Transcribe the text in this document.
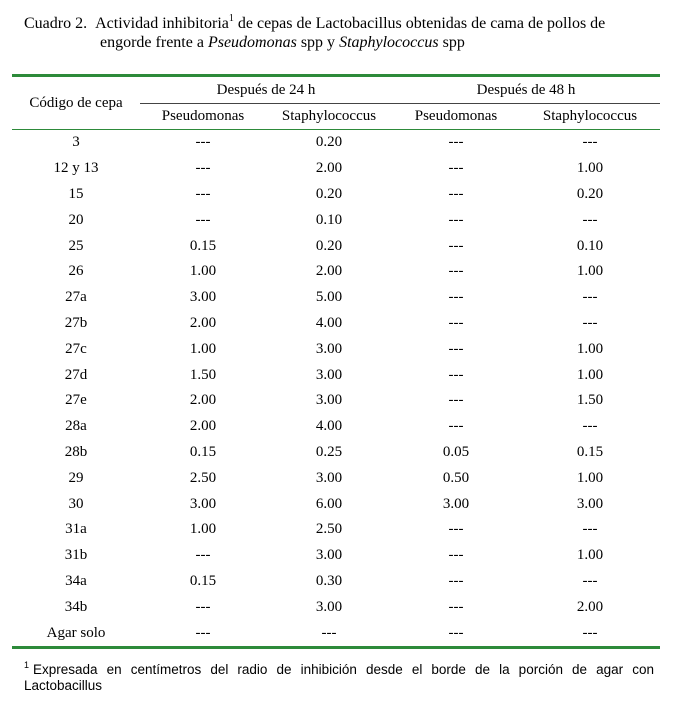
Cuadro 2. Actividad inhibitoria$^1$ de cepas de Lactobacillus obtenidas de cama de pollos de
engorde frente a Pseudomonas spp y Staphylococcus spp
Código de cepa	Después de 24 h		Después de 48 h	
	Pseudomonas	Staphylococcus	Pseudomonas	Staphylococcus
3	---	0.20	---	---
12 y 13	---	2.00	---	1.00
15	---	0.20	---	0.20
20	---	0.10	---	---
25	0.15	0.20	---	0.10
26	1.00	2.00	---	1.00
27a	3.00	5.00	---	---
27b	2.00	4.00	---	---
27c	1.00	3.00	---	1.00
27d	1.50	3.00	---	1.00
27e	2.00	3.00	---	1.50
28a	2.00	4.00	---	---
28b	0.15	0.25	0.05	0.15
29	2.50	3.00	0.50	1.00
30	3.00	6.00	3.00	3.00
31a	1.00	2.50	---	---
31b	---	3.00	---	1.00
34a	0.15	0.30	---	---
34b	---	3.00	---	2.00
Agar solo	---	---	---	---
$^1$ Expresada en centímetros del radio de inhibición desde el borde de la porción de agar con Lactobacillus
